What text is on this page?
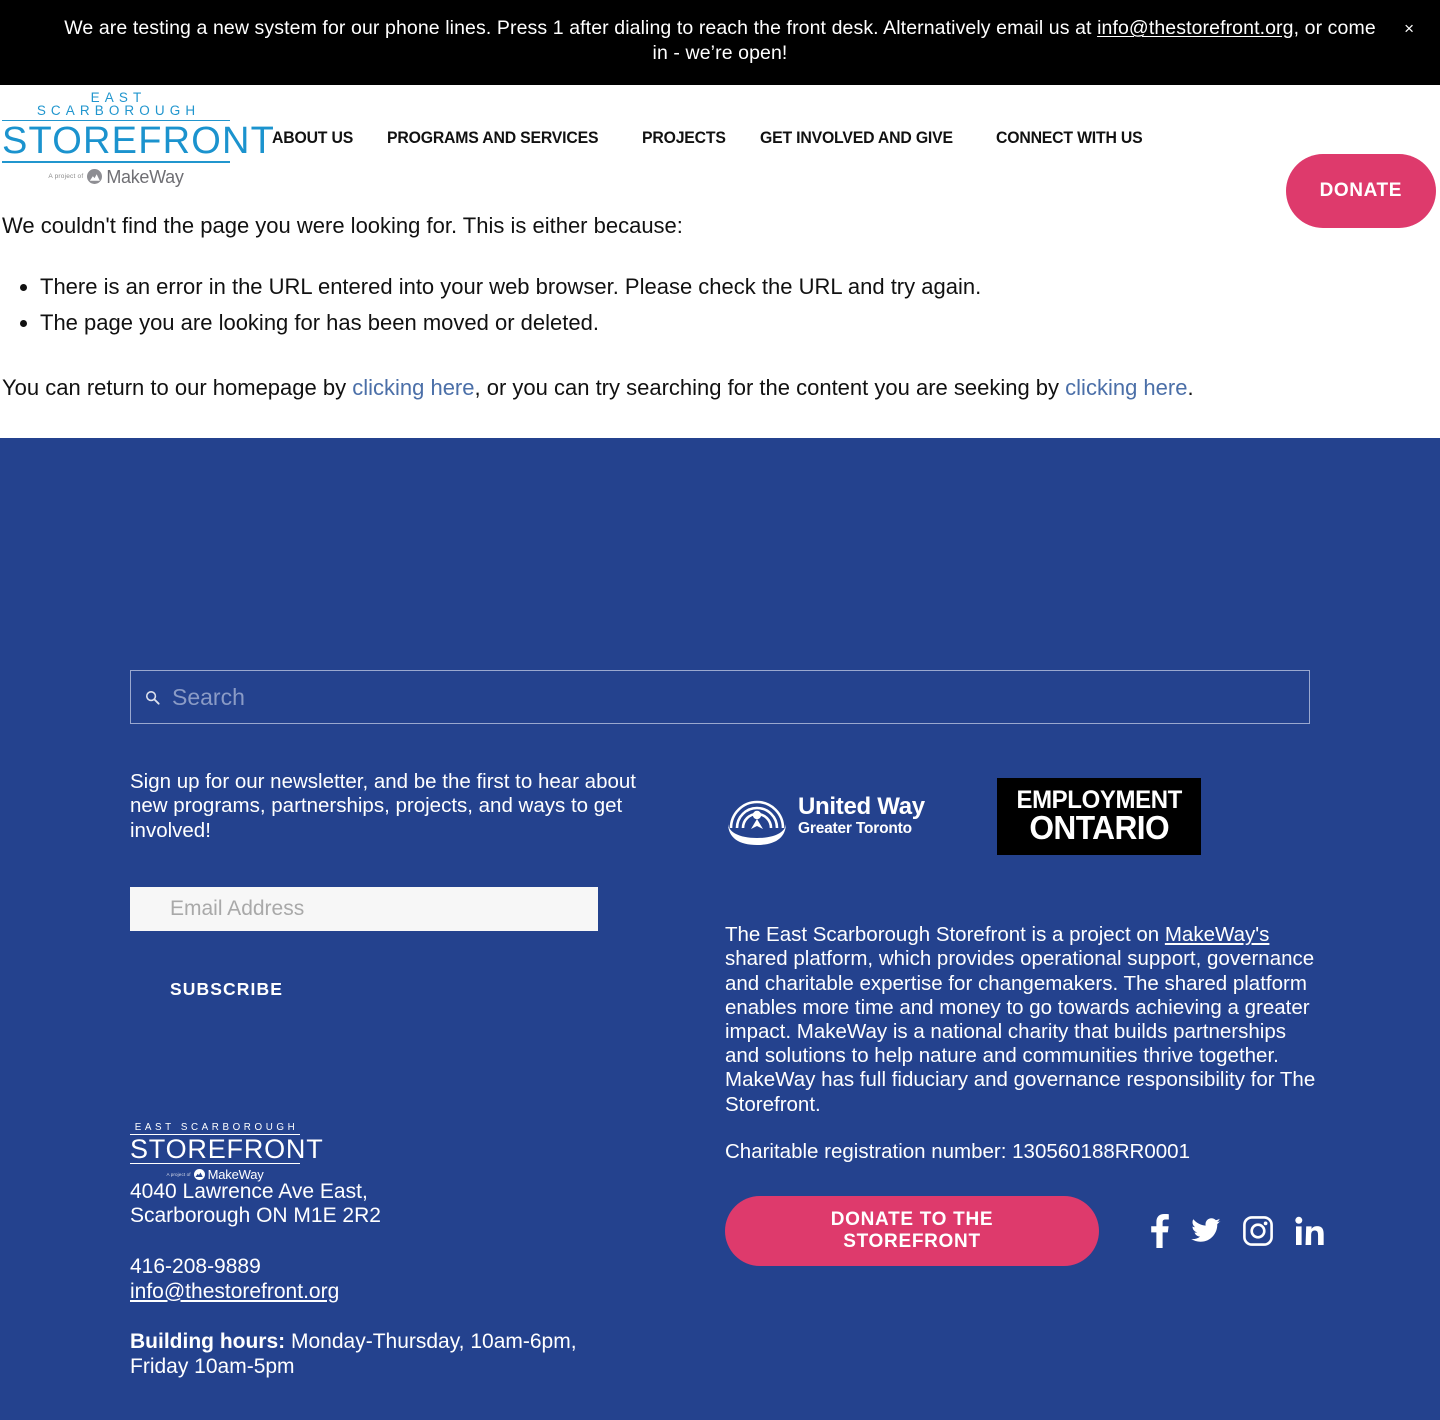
We are testing a new system for our phone lines. Press 1 after dialing to reach the front desk. Alternatively email us at info@thestorefront.org, or come in - we’re open!
×
EAST SCARBOROUGH
STOREFRONT
A project of MakeWay
ABOUT US PROGRAMS AND SERVICES	PROJECTS GET INVOLVED AND GIVE	CONNECT WITH US
DONATE

We couldn't find the page you were looking for. This is either because:

• There is an error in the URL entered into your web browser. Please check the URL and try again.
• The page you are looking for has been moved or deleted.

You can return to our homepage by clicking here, or you can try searching for the content you are seeking by clicking here.

Search

Sign up for our newsletter, and be the first to hear about new programs, partnerships, projects, and ways to get involved!

Email Address
SUBSCRIBE
EAST SCARBOROUGH
STOREFRONT
A project of MakeWay

4040 Lawrence Ave East,
Scarborough ON M1E 2R2

416-208-9889
info@thestorefront.org

Building hours: Monday-Thursday, 10am-6pm,
Friday 10am-5pm

United Way
Greater Toronto
EMPLOYMENT
ONTARIO

The East Scarborough Storefront is a project on MakeWay's shared platform, which provides operational support, governance and charitable expertise for changemakers. The shared platform enables more time and money to go towards achieving a greater impact. MakeWay is a national charity that builds partnerships and solutions to help nature and communities thrive together. MakeWay has full fiduciary and governance responsibility for The Storefront.

Charitable registration number: 130560188RR0001

DONATE TO THE STOREFRONT
